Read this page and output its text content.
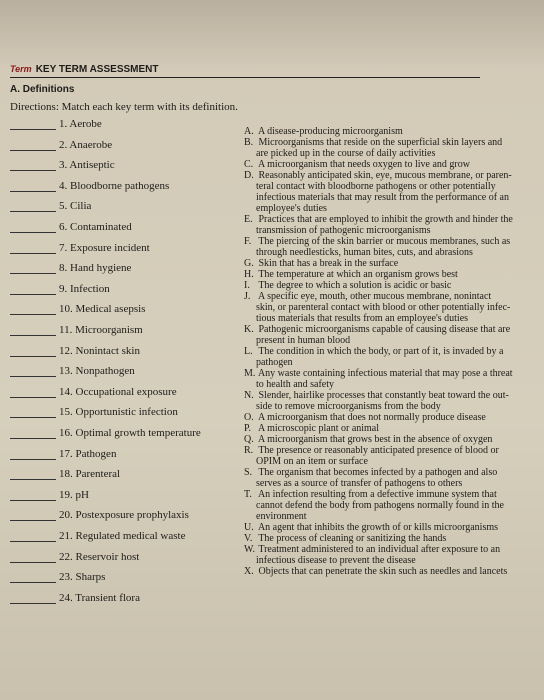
Term KEY TERM ASSESSMENT
A. Definitions
Directions: Match each key term with its definition.
1. Aerobe
2. Anaerobe
3. Antiseptic
4. Bloodborne pathogens
5. Cilia
6. Contaminated
7. Exposure incident
8. Hand hygiene
9. Infection
10. Medical asepsis
11. Microorganism
12. Nonintact skin
13. Nonpathogen
14. Occupational exposure
15. Opportunistic infection
16. Optimal growth temperature
17. Pathogen
18. Parenteral
19. pH
20. Postexposure prophylaxis
21. Regulated medical waste
22. Reservoir host
23. Sharps
24. Transient flora
A. A disease-producing microorganism
B. Microorganisms that reside on the superficial skin layers and
are picked up in the course of daily activities
C. A microorganism that needs oxygen to live and grow
D. Reasonably anticipated skin, eye, mucous membrane, or paren-
teral contact with bloodborne pathogens or other potentially
infectious materials that may result from the performance of an
employee's duties
E. Practices that are employed to inhibit the growth and hinder the
transmission of pathogenic microorganisms
F. The piercing of the skin barrier or mucous membranes, such as
through needlesticks, human bites, cuts, and abrasions
G. Skin that has a break in the surface
H. The temperature at which an organism grows best
I. The degree to which a solution is acidic or basic
J. A specific eye, mouth, other mucous membrane, nonintact
skin, or parenteral contact with blood or other potentially infec-
tious materials that results from an employee's duties
K. Pathogenic microorganisms capable of causing disease that are
present in human blood
L. The condition in which the body, or part of it, is invaded by a
pathogen
M. Any waste containing infectious material that may pose a threat
to health and safety
N. Slender, hairlike processes that constantly beat toward the out-
side to remove microorganisms from the body
O. A microorganism that does not normally produce disease
P. A microscopic plant or animal
Q. A microorganism that grows best in the absence of oxygen
R. The presence or reasonably anticipated presence of blood or
OPIM on an item or surface
S. The organism that becomes infected by a pathogen and also
serves as a source of transfer of pathogens to others
T. An infection resulting from a defective immune system that
cannot defend the body from pathogens normally found in the
environment
U. An agent that inhibits the growth of or kills microorganisms
V. The process of cleaning or sanitizing the hands
W. Treatment administered to an individual after exposure to an
infectious disease to prevent the disease
X. Objects that can penetrate the skin such as needles and lancets
